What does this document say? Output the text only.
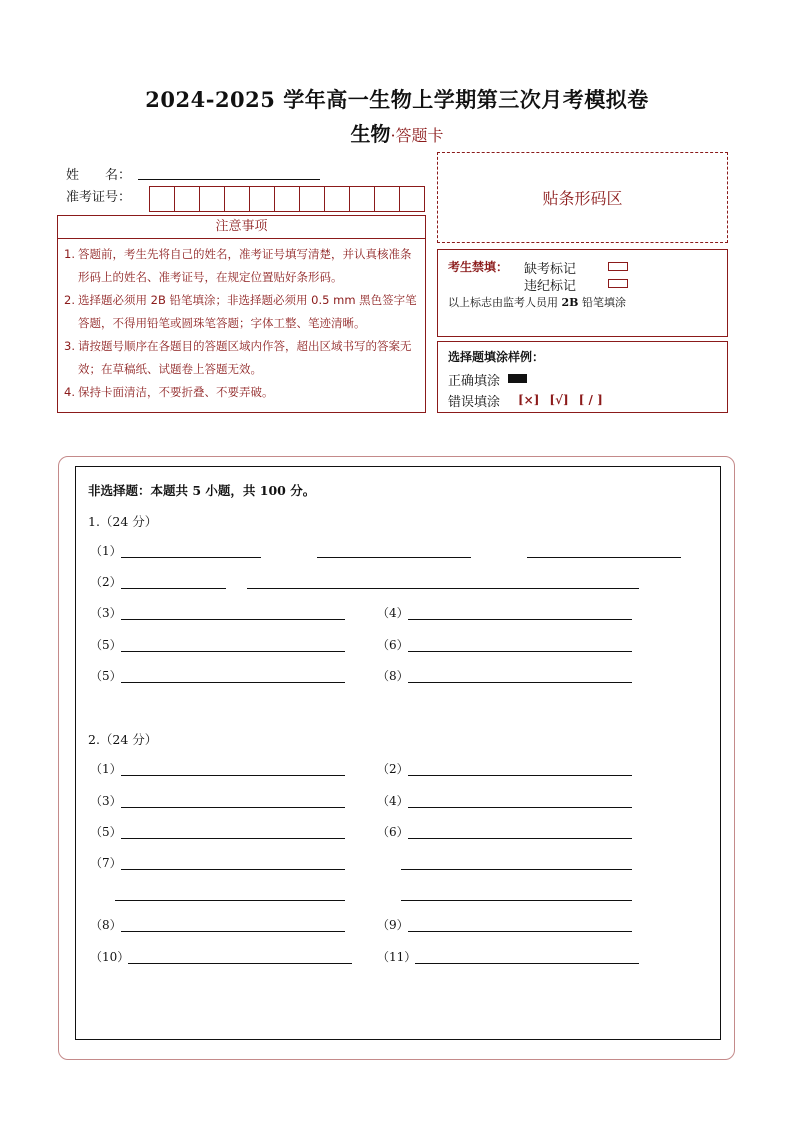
2024-2025 学年高一生物上学期第三次月考模拟卷
生物·答题卡
姓　　名：
准考证号：
注意事项
1. 答题前，考生先将自己的姓名，准考证号填写清楚，并认真核准条形码上的姓名、准考证号，在规定位置贴好条形码。
2. 选择题必须用 2B 铅笔填涂；非选择题必须用 0.5 mm 黑色签字笔答题，不得用铅笔或圆珠笔答题；字体工整、笔迹清晰。
3. 请按题号顺序在各题目的答题区域内作答，超出区域书写的答案无效；在草稿纸、试题卷上答题无效。
4. 保持卡面清洁，不要折叠、不要弄破。
贴条形码区
考生禁填： 缺考标记
违纪标记
以上标志由监考人员用 2B 铅笔填涂
选择题填涂样例：
正确填涂
错误填涂 [×] [√] [ / ]
非选择题：本题共 5 小题，共 100 分。
1.（24 分）
（1）
（2）
（3）	（4）
（5）	（6）
（5）	（8）
2.（24 分）
（1）	（2）
（3）	（4）
（5）	（6）
（7）
（8）	（9）
（10）	（11）
